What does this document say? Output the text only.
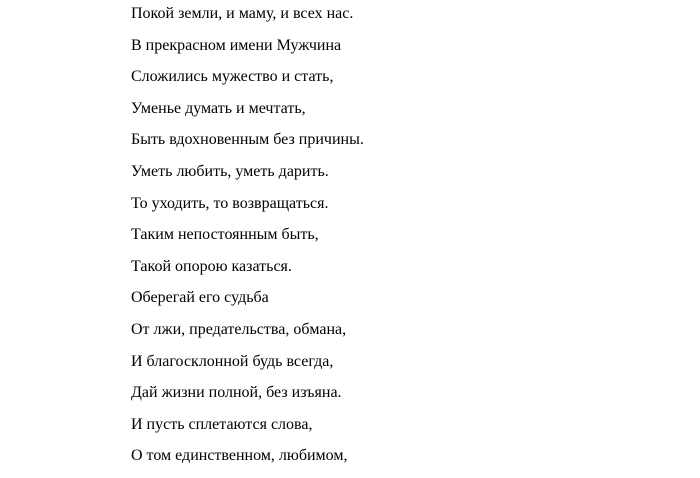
Покой земли, и маму, и всех нас.
В прекрасном имени Мужчина
Сложились мужество и стать,
Уменье думать и мечтать,
Быть вдохновенным без причины.
Уметь любить, уметь дарить.
То уходить, то возвращаться.
Таким непостоянным быть,
Такой опорою казаться.
Оберегай его судьба
От лжи, предательства, обмана,
И благосклонной будь всегда,
Дай жизни полной, без изъяна.
И пусть сплетаются слова,
О том единственном, любимом,
